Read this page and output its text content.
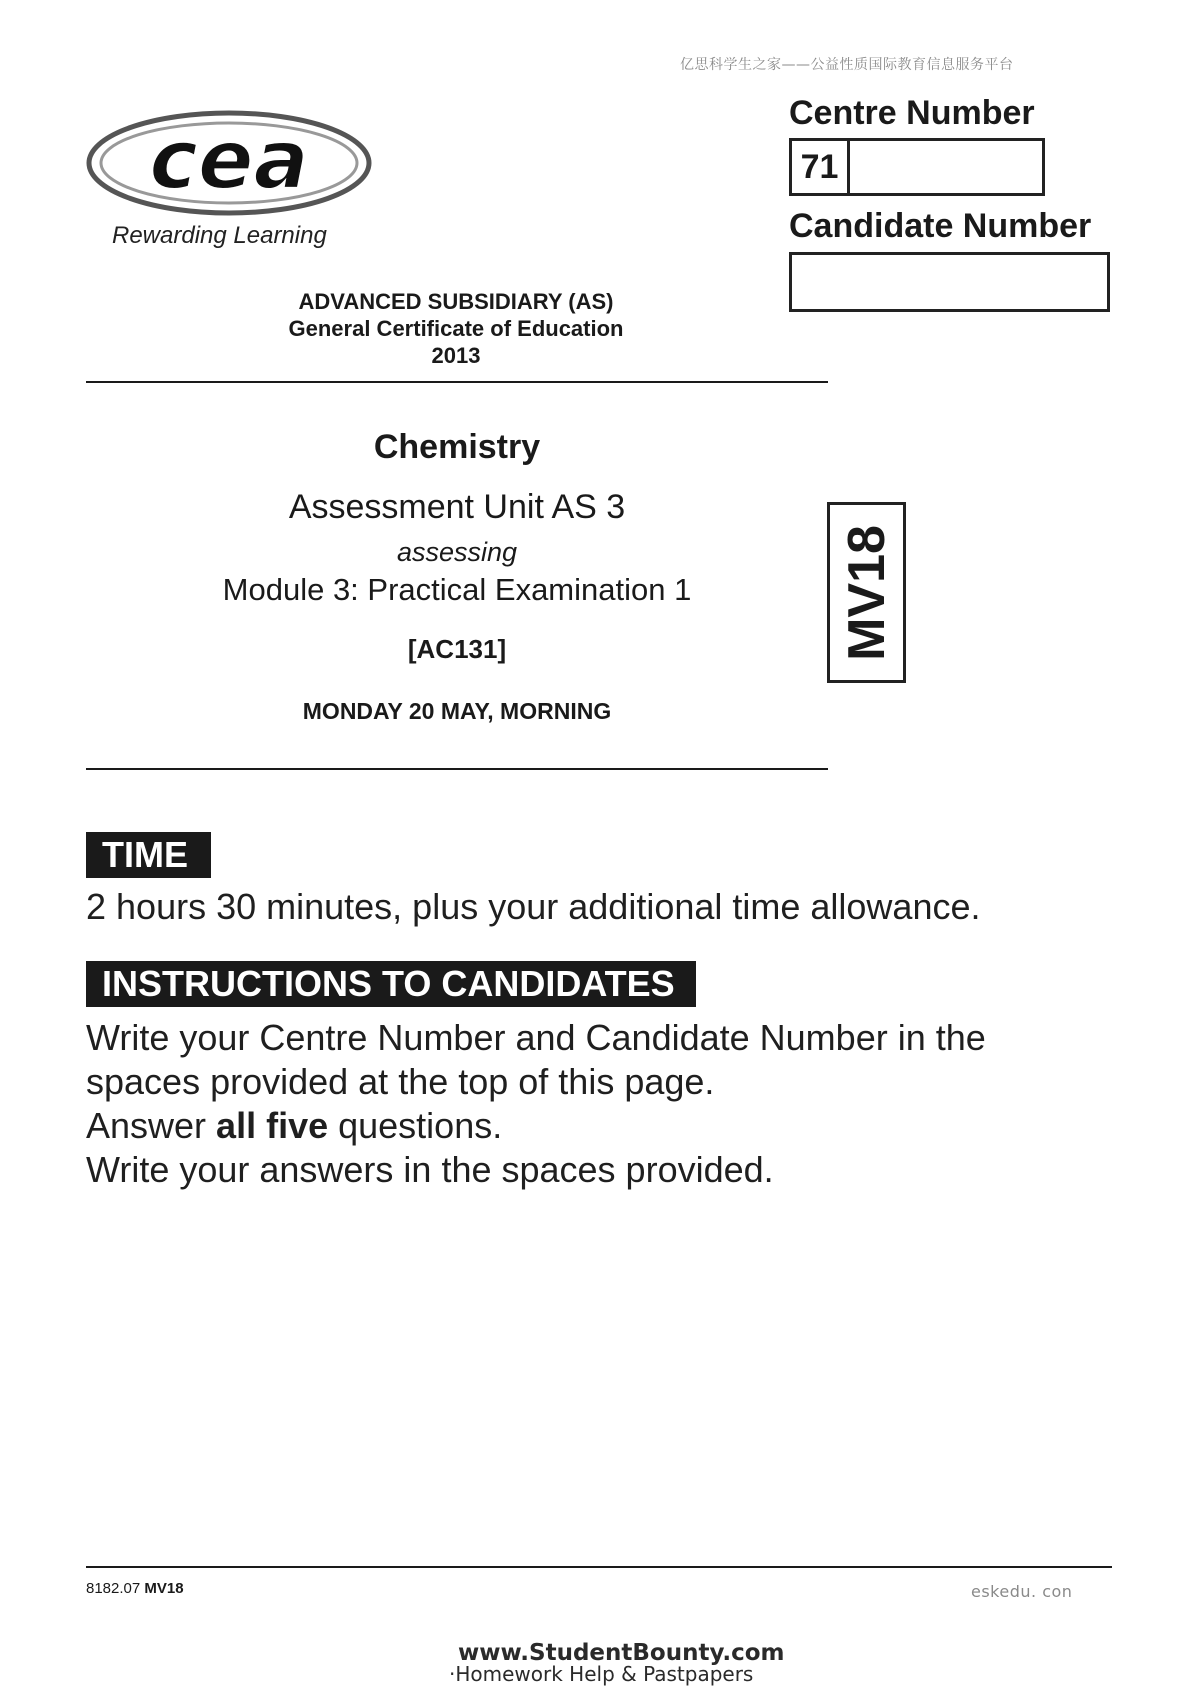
亿思科学生之家——公益性质国际教育信息服务平台
cea
Rewarding Learning
Centre Number
71
Candidate Number
ADVANCED SUBSIDIARY (AS)
General Certificate of Education
2013
Chemistry
Assessment Unit AS 3
assessing
Module 3: Practical Examination 1
[AC131]
MONDAY 20 MAY, MORNING
MV18
TIME
2 hours 30 minutes, plus your additional time allowance.
INSTRUCTIONS TO CANDIDATES
Write your Centre Number and Candidate Number in the
spaces provided at the top of this page.
Answer all five questions.
Write your answers in the spaces provided.
8182.07 MV18	eskedu. con
www.StudentBounty.com
·Homework Help & Pastpapers
